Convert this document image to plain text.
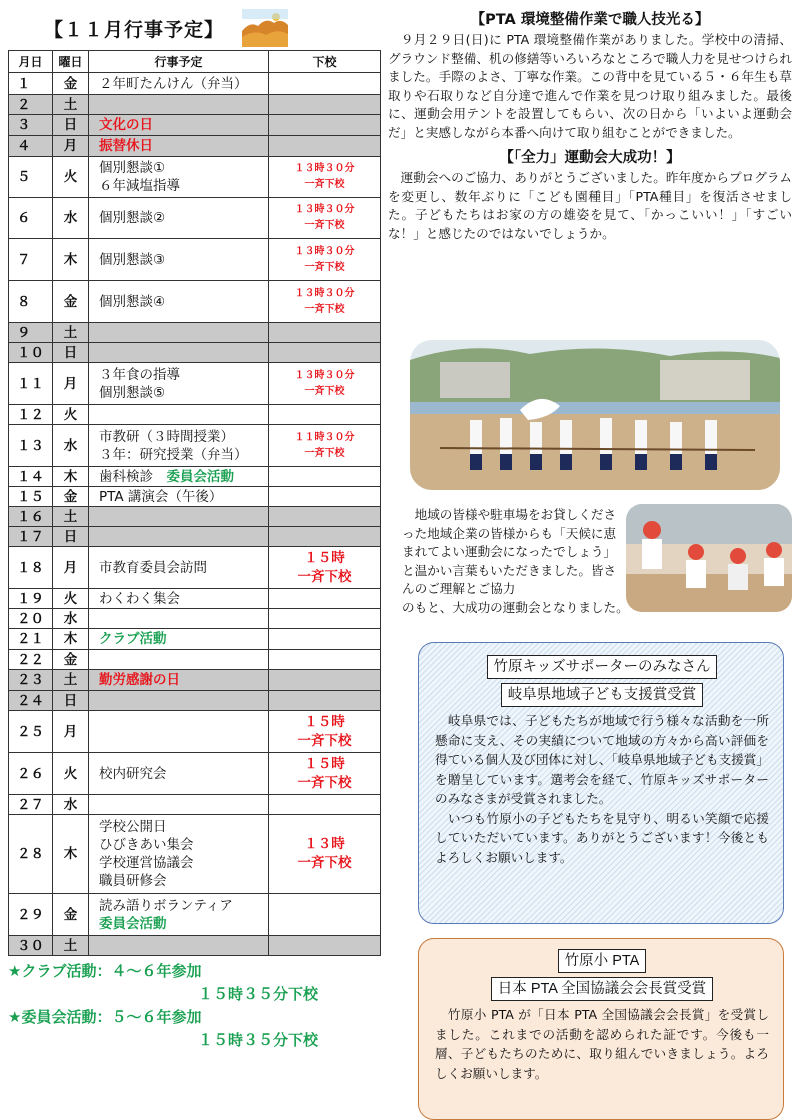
【１１月行事予定】
月日	曜日	行事予定	下校
１	金	２年町たんけん（弁当）	

２	土		
３	日	文化の日	

４	月	振替休日	

５	火	個別懇談①
６年減塩指導	１３時３０分
一斉下校

６	水	個別懇談②	１３時３０分
一斉下校

７	木	個別懇談③	１３時３０分
一斉下校

８	金	個別懇談④	１３時３０分
一斉下校

９	土		
１０	日		
１１	月	３年食の指導
個別懇談⑤	１３時３０分
一斉下校

１２	火		
１３	水	市教研（３時間授業）
３年：研究授業（弁当）	１１時３０分
一斉下校

１４	木	歯科検診　委員会活動	

１５	金	PTA 講演会（午後）	

１６	土		
１７	日		
１８	月	市教育委員会訪問	１５時
一斉下校

１９	火	わくわく集会	

２０	水		
２１	木	クラブ活動	

２２	金		
２３	土	勤労感謝の日	

２４	日		
２５	月		１５時
一斉下校

２６	火	校内研究会	１５時
一斉下校

２７	水		
２８	木	学校公開日
ひびきあい集会
学校運営協議会
職員研修会	１３時
一斉下校

２９	金	読み語りボランティア
委員会活動	

３０	土		
★クラブ活動：４～６年参加
１５時３５分下校
★委員会活動：５～６年参加
１５時３５分下校
【PTA 環境整備作業で職人技光る】

　９月２９日(日)に PTA 環境整備作業がありました。学校中の清掃、グラウンド整備、机の修繕等いろいろなところで職人力を見せつけられました。手際のよさ、丁寧な作業。この背中を見ている５・６年生も草取りや石取りなど自分達で進んで作業を見つけ取り組みました。最後に、運動会用テントを設置してもらい、次の日から「いよいよ運動会だ」と実感しながら本番へ向けて取り組むことができました。

【「全力」運動会大成功！】

　運動会へのご協力、ありがとうございました。昨年度からプログラムを変更し、数年ぶりに「こども園種目」「PTA種目」を復活させました。子どもたちはお家の方の雄姿を見て、「かっこいい！」「すごいな！」と感じたのではないでしょうか。

　地域の皆様や駐車場をお貸しくださった地域企業の皆様からも「天候に恵まれてよい運動会になったでしょう」と温かい言葉もいただきました。皆さんのご理解とご協力
のもと、大成功の運動会となりました。
竹原キッズサポーターのみなさん
岐阜県地域子ども支援賞受賞

　岐阜県では、子どもたちが地域で行う様々な活動を一所懸命に支え、その実績について地域の方々から高い評価を得ている個人及び団体に対し、「岐阜県地域子ども支援賞」を贈呈しています。選考会を経て、竹原キッズサポーターのみなさまが受賞されました。

　いつも竹原小の子どもたちを見守り、明るい笑顔で応援していただいています。ありがとうございます！今後ともよろしくお願いします。

竹原小 PTA
日本 PTA 全国協議会会長賞受賞

　竹原小 PTA が「日本 PTA 全国協議会会長賞」を受賞しました。これまでの活動を認められた証です。今後も一層、子どもたちのために、取り組んでいきましょう。よろしくお願いします。
